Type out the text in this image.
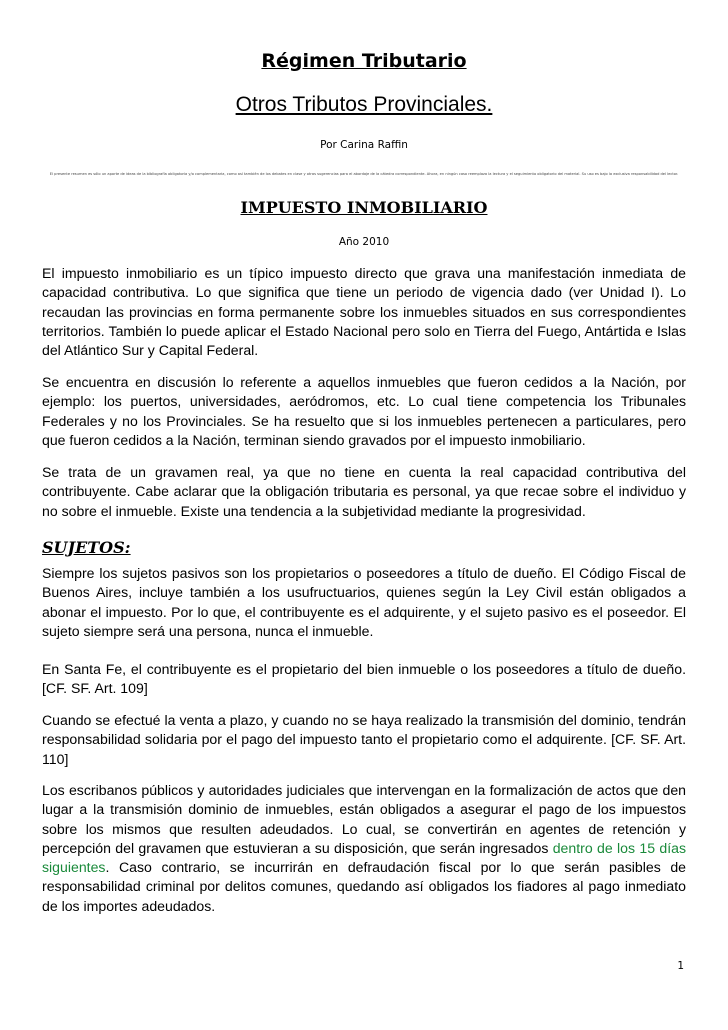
Régimen Tributario
Otros Tributos Provinciales.
Por Carina Raffin
El presente resumen es sólo un aporte de ideas de la bibliografía obligatoria y/o complementaria, como así también de los debates en clase y otras sugerencias para el abordaje de la cátedra correspondiente. Ahora, en ningún caso reemplaza la lectura y el seguimiento obligatorio del material. Su uso es bajo la exclusiva responsabilidad del lector.
IMPUESTO INMOBILIARIO
Año 2010

El impuesto inmobiliario es un típico impuesto directo que grava una manifestación inmediata de capacidad contributiva. Lo que significa que tiene un periodo de vigencia dado (ver Unidad I). Lo recaudan las provincias en forma permanente sobre los inmuebles situados en sus correspondientes territorios. También lo puede aplicar el Estado Nacional pero solo en Tierra del Fuego, Antártida e Islas del Atlántico Sur y Capital Federal.

Se encuentra en discusión lo referente a aquellos inmuebles que fueron cedidos a la Nación, por ejemplo: los puertos, universidades, aeródromos, etc. Lo cual tiene competencia los Tribunales Federales y no los Provinciales. Se ha resuelto que si los inmuebles pertenecen a particulares, pero que fueron cedidos a la Nación, terminan siendo gravados por el impuesto inmobiliario.

Se trata de un gravamen real, ya que no tiene en cuenta la real capacidad contributiva del contribuyente. Cabe aclarar que la obligación tributaria es personal, ya que recae sobre el individuo y no sobre el inmueble. Existe una tendencia a la subjetividad mediante la progresividad.

SUJETOS:

Siempre los sujetos pasivos son los propietarios o poseedores a título de dueño. El Código Fiscal de Buenos Aires, incluye también a los usufructuarios, quienes según la Ley Civil están obligados a abonar el impuesto. Por lo que, el contribuyente es el adquirente, y el sujeto pasivo es el poseedor. El sujeto siempre será una persona, nunca el inmueble.

En Santa Fe, el contribuyente es el propietario del bien inmueble o los poseedores a título de dueño. [CF. SF. Art. 109]

Cuando se efectué la venta a plazo, y cuando no se haya realizado la transmisión del dominio, tendrán responsabilidad solidaria por el pago del impuesto tanto el propietario como el adquirente. [CF. SF. Art. 110]

Los escribanos públicos y autoridades judiciales que intervengan en la formalización de actos que den lugar a la transmisión dominio de inmuebles, están obligados a asegurar el pago de los impuestos sobre los mismos que resulten adeudados. Lo cual, se convertirán en agentes de retención y percepción del gravamen que estuvieran a su disposición, que serán ingresados dentro de los 15 días siguientes. Caso contrario, se incurrirán en defraudación fiscal por lo que serán pasibles de responsabilidad criminal por delitos comunes, quedando así obligados los fiadores al pago inmediato de los importes adeudados.

1
